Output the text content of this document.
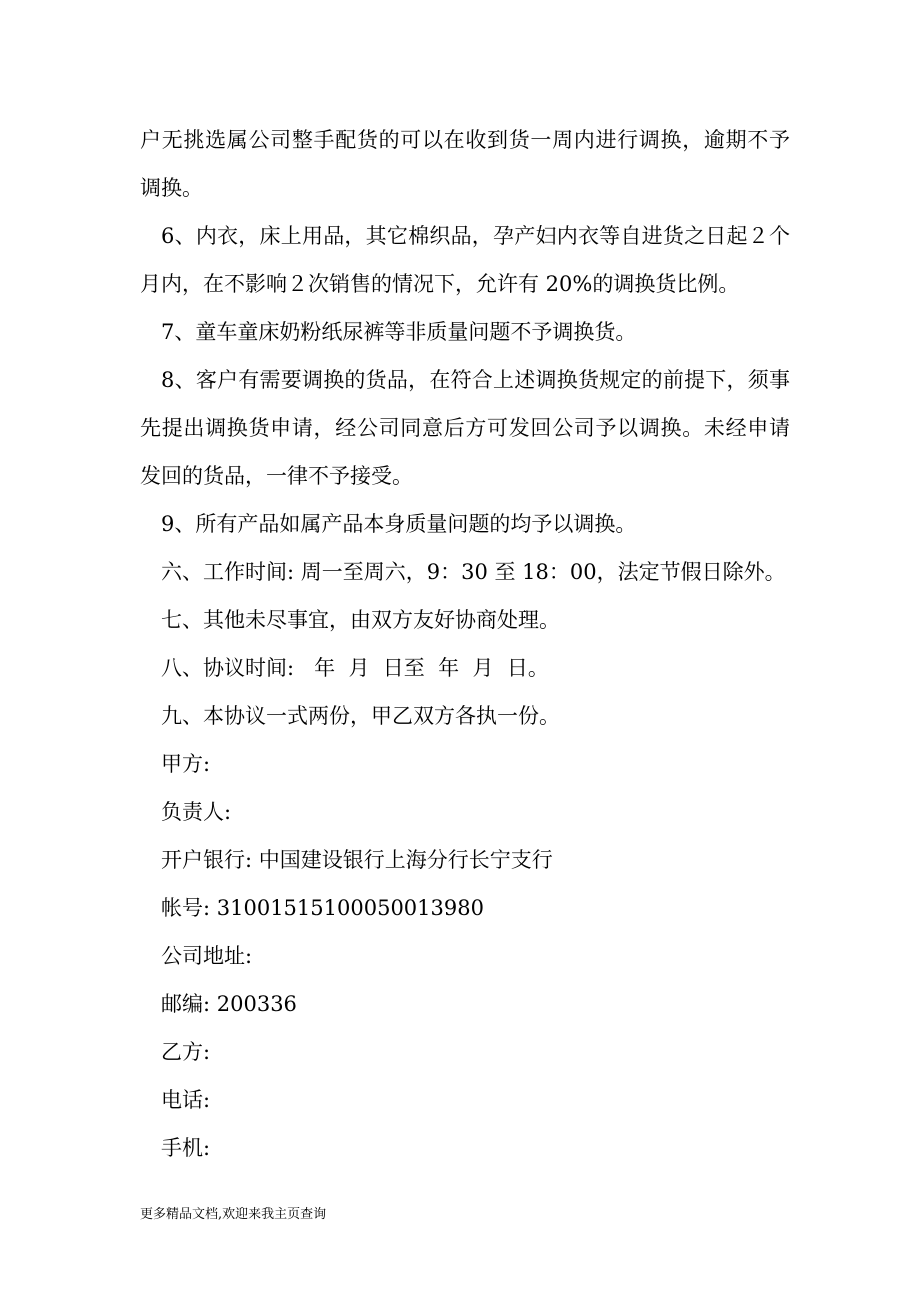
户无挑选属公司整手配货的可以在收到货一周内进行调换，逾期不予调换。

6、内衣，床上用品，其它棉织品，孕产妇内衣等自进货之日起２个月内，在不影响２次销售的情况下，允许有 20%的调换货比例。

7、童车童床奶粉纸尿裤等非质量问题不予调换货。

8、客户有需要调换的货品，在符合上述调换货规定的前提下，须事先提出调换货申请，经公司同意后方可发回公司予以调换。未经申请发回的货品，一律不予接受。

9、所有产品如属产品本身质量问题的均予以调换。

六、工作时间: 周一至周六，9：30 至 18：00，法定节假日除外。

七、其他未尽事宜，由双方友好协商处理。

八、协议时间:   年  月  日至  年  月  日。

九、本协议一式两份，甲乙双方各执一份。

甲方:

负责人:

开户银行: 中国建设银行上海分行长宁支行

帐号: 31001515100050013980

公司地址:

邮编: 200336

乙方:

电话:

手机:

更多精品文档,欢迎来我主页查询
